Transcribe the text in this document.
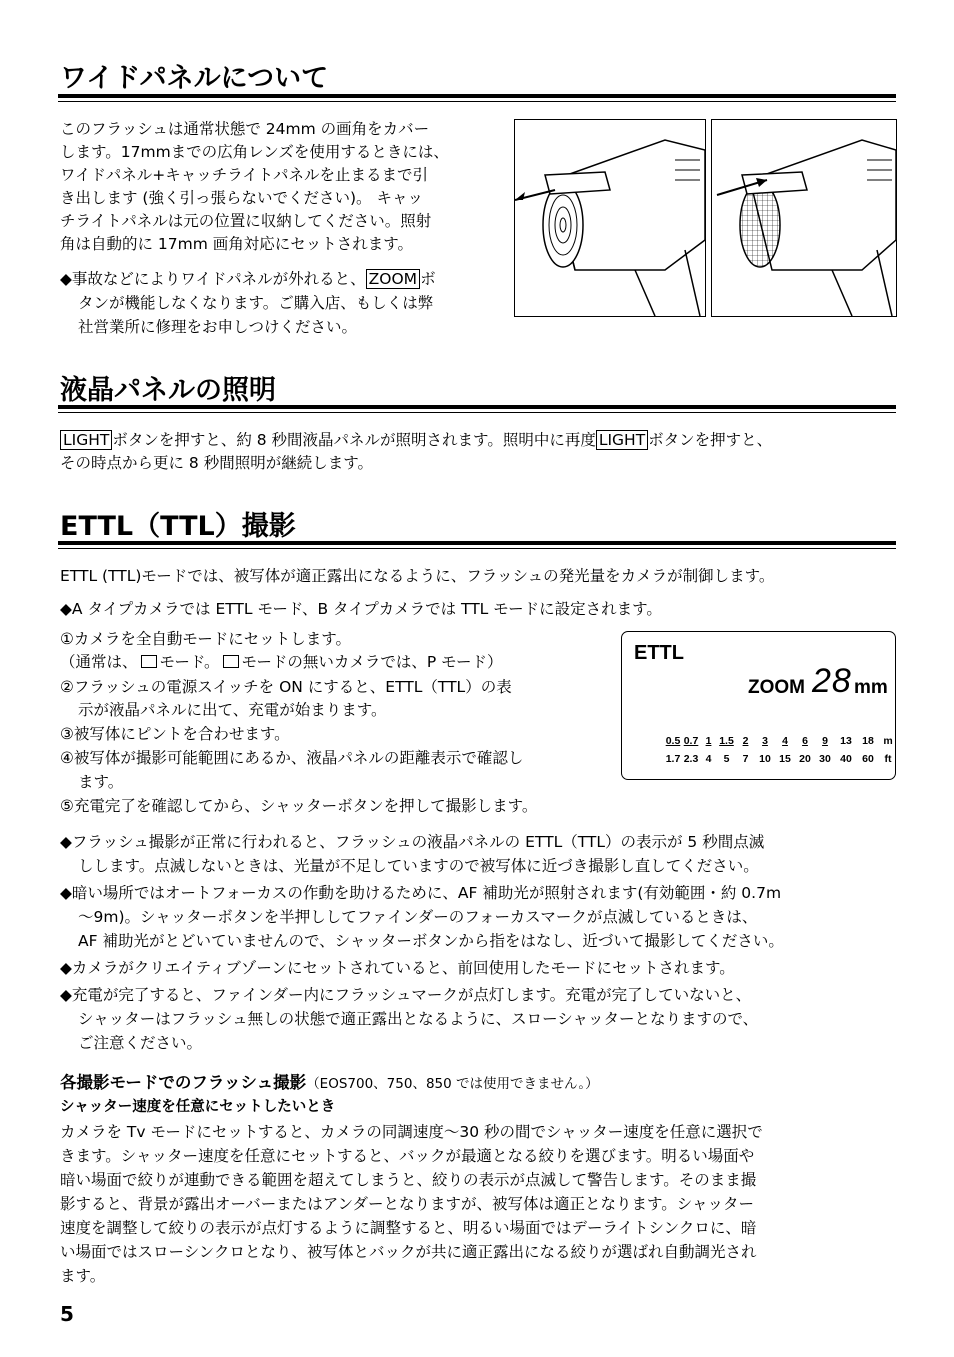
ワイドパネルについて
このフラッシュは通常状態で 24mm の画角をカバー
します。17mmまでの広角レンズを使用するときには、
ワイドパネル+キャッチライトパネルを止まるまで引
き出します (強く引っ張らないでください)。 キャッ
チライトパネルは元の位置に収納してください。照射
角は自動的に 17mm 画角対応にセットされます。
◆事故などによりワイドパネルが外れると、 ZOOM ボ
タンが機能しなくなります。ご購入店、もしくは弊
社営業所に修理をお申しつけください。
液晶パネルの照明
LIGHT ボタンを押すと、約 8 秒間液晶パネルが照明されます。照明中に再度 LIGHT ボタンを押すと、
その時点から更に 8 秒間照明が継続します。
ETTL（TTL）撮影
ETTL (TTL)モードでは、被写体が適正露出になるように、フラッシュの発光量をカメラが制御します。
◆A タイプカメラでは ETTL モード、B タイプカメラでは TTL モードに設定されます。
①カメラを全自動モードにセットします。
（通常は、 モード。 モードの無いカメラでは、P モード）
②フラッシュの電源スイッチを ON にすると、ETTL（TTL）の表
示が液晶パネルに出て、充電が始まります。
③被写体にピントを合わせます。
④被写体が撮影可能範囲にあるか、液晶パネルの距離表示で確認し
ます。
⑤充電完了を確認してから、シャッターボタンを押して撮影します。
ETTL
ZOOM 28 mm
0.5 0.7 1 1.5 2	3	4	6	9	13 18 m
1.7 2.3 4	5	7	10 15 20 30 40 60	ft
◆フラッシュ撮影が正常に行われると、フラッシュの液晶パネルの ETTL（TTL）の表示が 5 秒間点滅
しします。点滅しないときは、光量が不足していますので被写体に近づき撮影し直してください。
◆暗い場所ではオートフォーカスの作動を助けるために、AF 補助光が照射されます(有効範囲・約 0.7m
～9m)。シャッターボタンを半押ししてファインダーのフォーカスマークが点滅しているときは、
AF 補助光がとどいていませんので、シャッターボタンから指をはなし、近づいて撮影してください。
◆カメラがクリエイティブゾーンにセットされていると、前回使用したモードにセットされます。
◆充電が完了すると、ファインダー内にフラッシュマークが点灯します。充電が完了していないと、
シャッターはフラッシュ無しの状態で適正露出となるように、スローシャッターとなりますので、
ご注意ください。
各撮影モードでのフラッシュ撮影（EOS700、750、850 では使用できません。）
シャッター速度を任意にセットしたいとき
カメラを Tv モードにセットすると、カメラの同調速度～30 秒の間でシャッター速度を任意に選択で
きます。シャッター速度を任意にセットすると、バックが最適となる絞りを選びます。明るい場面や
暗い場面で絞りが連動できる範囲を超えてしまうと、絞りの表示が点滅して警告します。そのまま撮
影すると、背景が露出オーバーまたはアンダーとなりますが、被写体は適正となります。シャッター
速度を調整して絞りの表示が点灯するように調整すると、明るい場面ではデーライトシンクロに、暗
い場面ではスローシンクロとなり、被写体とバックが共に適正露出になる絞りが選ばれ自動調光され
ます。
5
